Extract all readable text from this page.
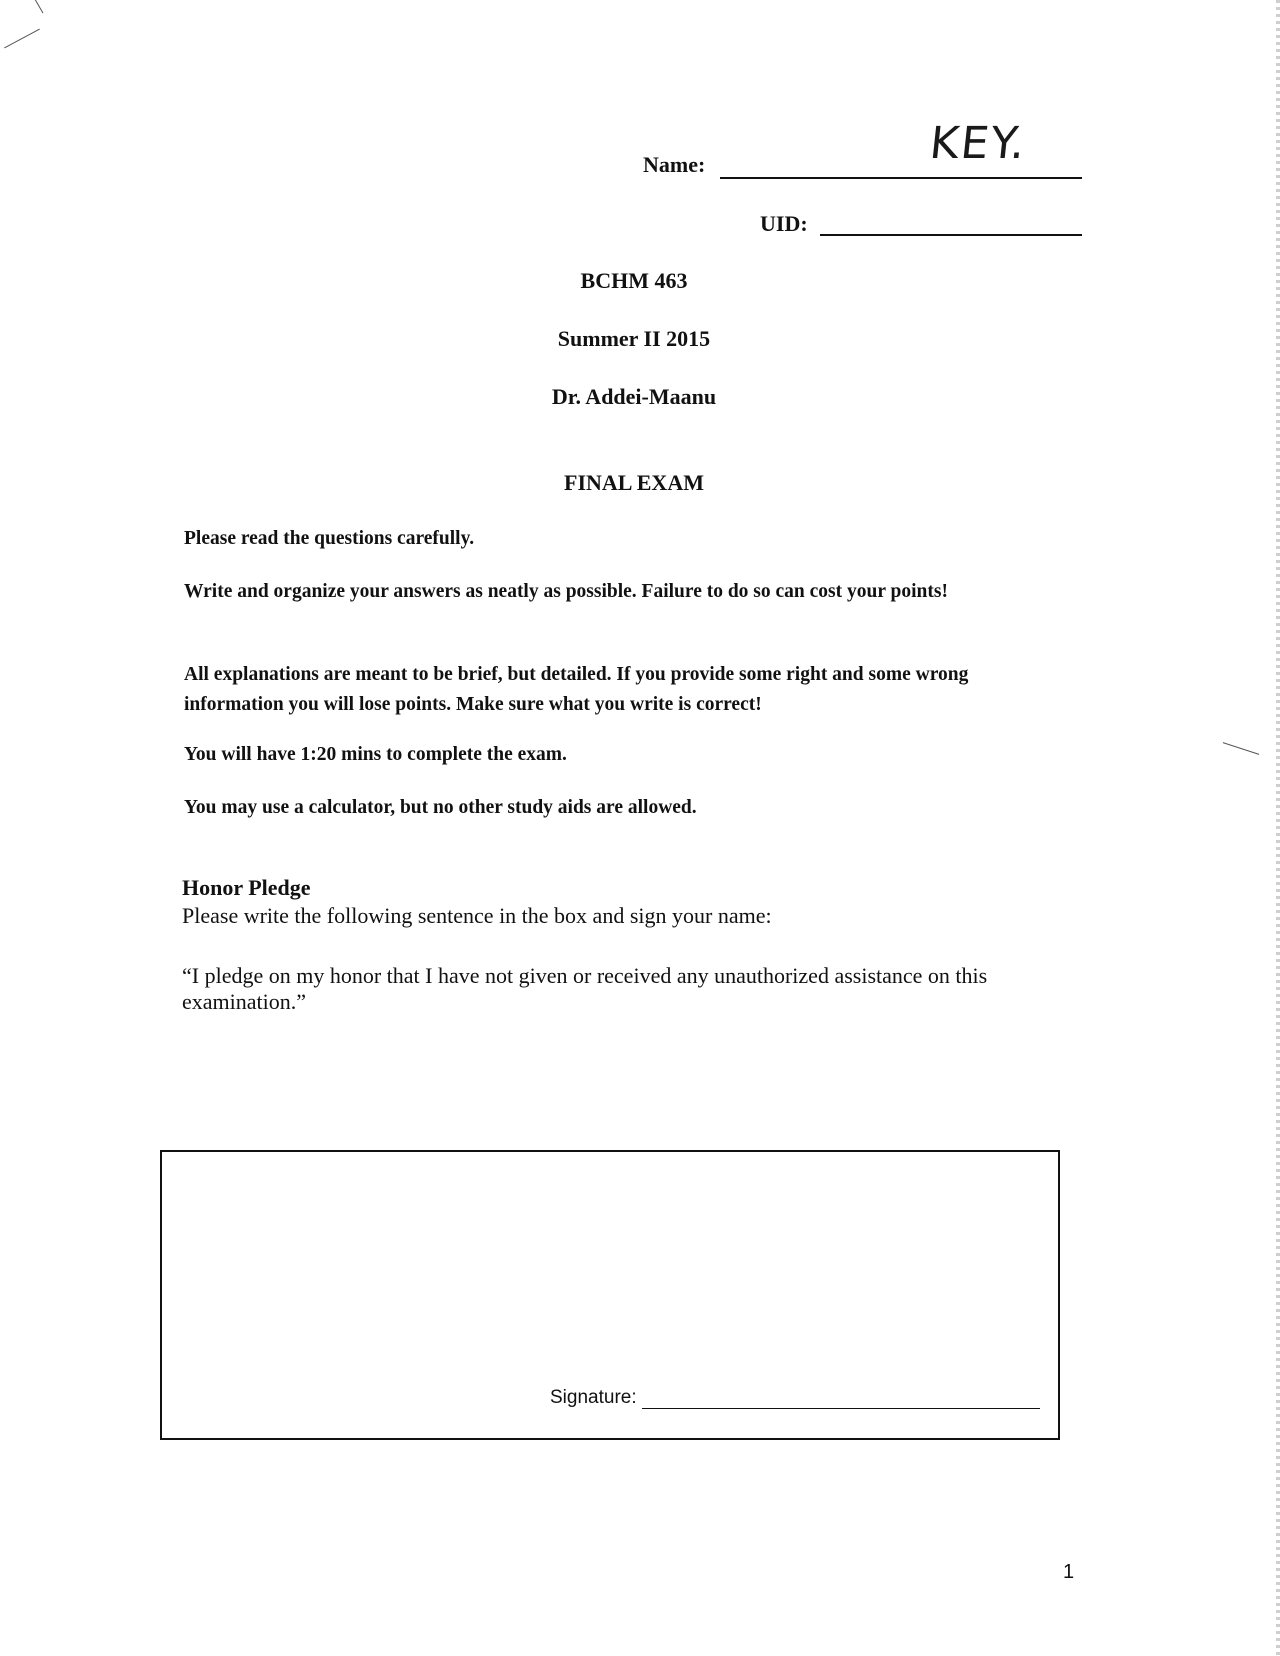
Name:	KEY.
UID:
BCHM 463
Summer II 2015
Dr. Addei-Maanu
FINAL EXAM
Please read the questions carefully.
Write and organize your answers as neatly as possible. Failure to do so can cost your points!
All explanations are meant to be brief, but detailed. If you provide some right and some wrong information you will lose points. Make sure what you write is correct!
You will have 1:20 mins to complete the exam.
You may use a calculator, but no other study aids are allowed.
Honor Pledge
Please write the following sentence in the box and sign your name:
“I pledge on my honor that I have not given or received any unauthorized assistance on this examination.”
Signature:
1
